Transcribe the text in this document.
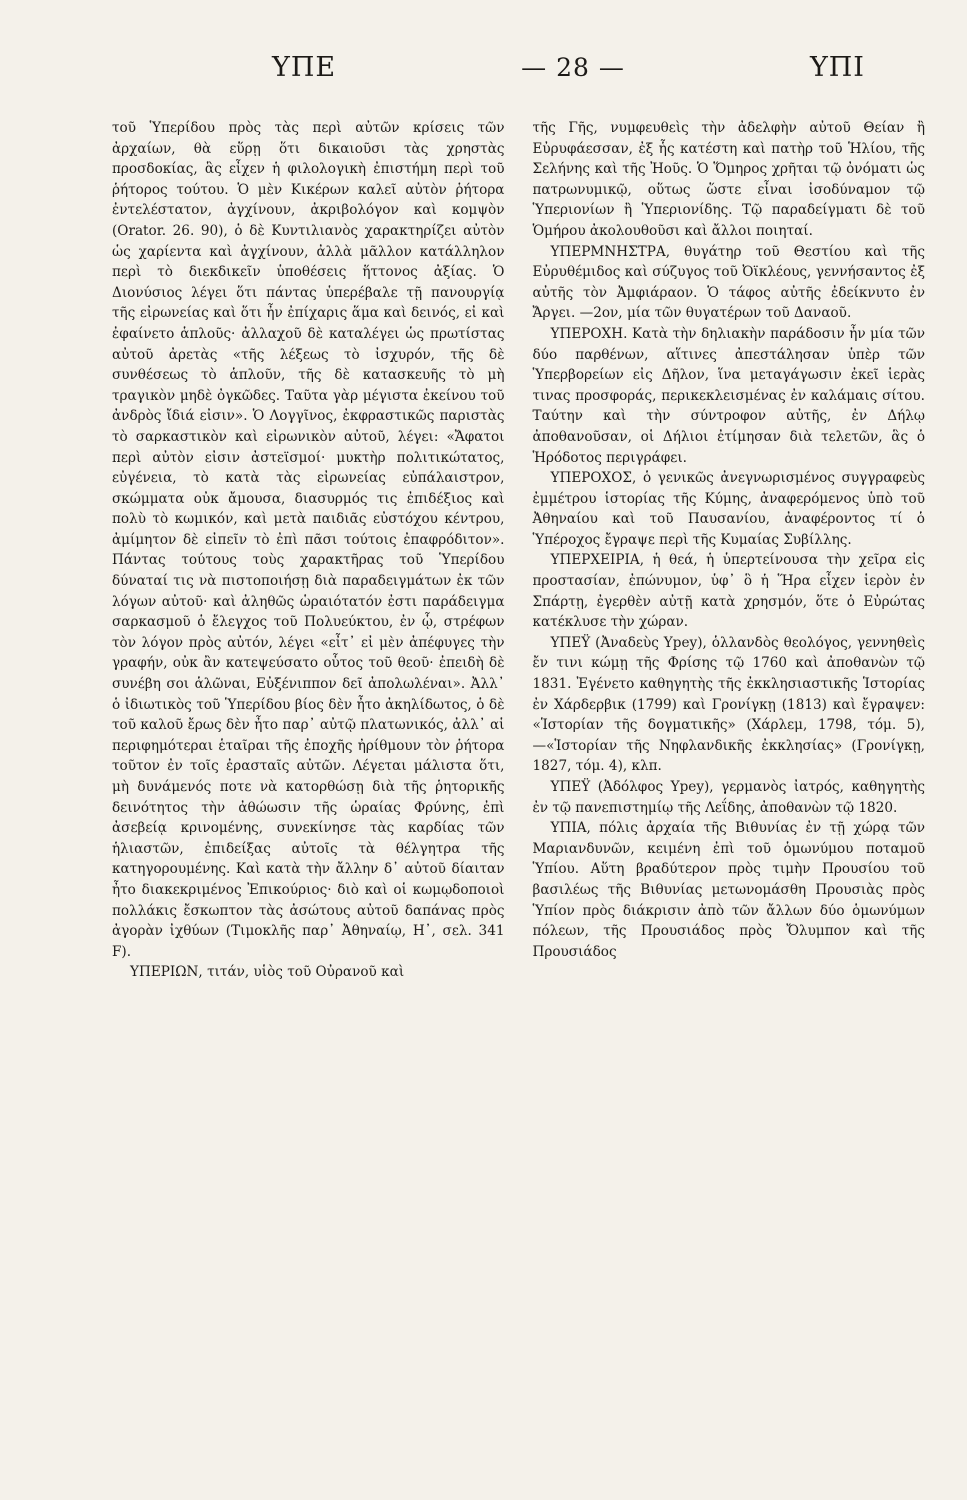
ΥΠΕ	— 28 —	ΥΠΙ

τοῦ Ὑπερίδου πρὸς τὰς περὶ αὐτῶν κρίσεις τῶν ἀρχαίων, θὰ εὕρῃ ὅτι δικαιοῦσι τὰς χρηστὰς προσδοκίας, ἃς εἶχεν ἡ φιλολογικὴ ἐπιστήμη περὶ τοῦ ῥήτορος τούτου. Ὁ μὲν Κικέρων καλεῖ αὐτὸν ῥήτορα ἐντελέστατον, ἀγχίνουν, ἀκριβολόγον καὶ κομψὸν (Orator. 26. 90), ὁ δὲ Κυντιλιανὸς χαρακτηρίζει αὐτὸν ὡς χαρίεντα καὶ ἀγχίνουν, ἀλλὰ μᾶλλον κατάλληλον περὶ τὸ διεκδικεῖν ὑποθέσεις ἥττονος ἀξίας. Ὁ Διονύσιος λέγει ὅτι πάντας ὑπερέβαλε τῇ πανουργίᾳ τῆς εἰρωνείας καὶ ὅτι ἦν ἐπίχαρις ἅμα καὶ δεινός, εἰ καὶ ἐφαίνετο ἁπλοῦς· ἀλλαχοῦ δὲ καταλέγει ὡς πρωτίστας αὐτοῦ ἀρετὰς «τῆς λέξεως τὸ ἰσχυρόν, τῆς δὲ συνθέσεως τὸ ἁπλοῦν, τῆς δὲ κατασκευῆς τὸ μὴ τραγικὸν μηδὲ ὀγκῶδες. Ταῦτα γὰρ μέγιστα ἐκείνου τοῦ ἀνδρὸς ἴδιά εἰσιν». Ὁ Λογγῖνος, ἐκφραστικῶς παριστὰς τὸ σαρκαστικὸν καὶ εἰρωνικὸν αὐτοῦ, λέγει: «Ἄφατοι περὶ αὐτὸν εἰσιν ἀστεϊσμοί· μυκτὴρ πολιτικώτατος, εὐγένεια, τὸ κατὰ τὰς εἰρωνείας εὐπάλαιστρον, σκώμματα οὐκ ἄμουσα, διασυρμός τις ἐπιδέξιος καὶ πολὺ τὸ κωμικόν, καὶ μετὰ παιδιᾶς εὐστόχου κέντρου, ἀμίμητον δὲ εἰπεῖν τὸ ἐπὶ πᾶσι τούτοις ἐπαφρόδιτον». Πάντας τούτους τοὺς χαρακτῆρας τοῦ Ὑπερίδου δύναταί τις νὰ πιστοποιήσῃ διὰ παραδειγμάτων ἐκ τῶν λόγων αὐτοῦ· καὶ ἀληθῶς ὡραιότατόν ἐστι παράδειγμα σαρκασμοῦ ὁ ἔλεγχος τοῦ Πολυεύκτου, ἐν ᾧ, στρέφων τὸν λόγον πρὸς αὐτόν, λέγει «εἶτ᾽ εἰ μὲν ἀπέφυγες τὴν γραφήν, οὐκ ἂν κατεψεύσατο οὗτος τοῦ θεοῦ· ἐπειδὴ δὲ συνέβη σοι ἁλῶναι, Εὐξένιππον δεῖ ἀπολωλέναι». Ἀλλ᾽ ὁ ἰδιωτικὸς τοῦ Ὑπερίδου βίος δὲν ἦτο ἀκηλίδωτος, ὁ δὲ τοῦ καλοῦ ἔρως δὲν ἦτο παρ᾽ αὐτῷ πλατωνικός, ἀλλ᾽ αἱ περιφημότεραι ἑταῖραι τῆς ἐποχῆς ἠρίθμουν τὸν ῥήτορα τοῦτον ἐν τοῖς ἐρασταῖς αὐτῶν. Λέγεται μάλιστα ὅτι, μὴ δυνάμενός ποτε νὰ κατορθώσῃ διὰ τῆς ῥητορικῆς δεινότητος τὴν ἀθώωσιν τῆς ὡραίας Φρύνης, ἐπὶ ἀσεβείᾳ κρινομένης, συνεκίνησε τὰς καρδίας τῶν ἡλιαστῶν, ἐπιδείξας αὐτοῖς τὰ θέλγητρα τῆς κατηγορουμένης. Καὶ κατὰ τὴν ἄλλην δ᾽ αὐτοῦ δίαιταν ἦτο διακεκριμένος Ἐπικούριος· διὸ καὶ οἱ κωμῳδοποιοὶ πολλάκις ἔσκωπτον τὰς ἀσώτους αὐτοῦ δαπάνας πρὸς ἀγορὰν ἰχθύων (Τιμοκλῆς παρ᾽ Ἀθηναίῳ, Η᾽, σελ. 341 F).

ΥΠΕΡΙΩΝ, τιτάν, υἱὸς τοῦ Οὐρανοῦ καὶ

τῆς Γῆς, νυμφευθεὶς τὴν ἀδελφὴν αὐτοῦ Θείαν ἢ Εὐρυφάεσσαν, ἐξ ἧς κατέστη καὶ πατὴρ τοῦ Ἡλίου, τῆς Σελήνης καὶ τῆς Ἠοῦς. Ὁ Ὅμηρος χρῆται τῷ ὀνόματι ὡς πατρωνυμικῷ, οὕτως ὥστε εἶναι ἰσοδύναμον τῷ Ὑπεριονίων ἢ Ὑπεριονίδης. Τῷ παραδείγματι δὲ τοῦ Ὁμήρου ἀκολουθοῦσι καὶ ἄλλοι ποιηταί.

ΥΠΕΡΜΝΗΣΤΡΑ, θυγάτηρ τοῦ Θεστίου καὶ τῆς Εὐρυθέμιδος καὶ σύζυγος τοῦ Ὀϊκλέους, γεννήσαντος ἐξ αὐτῆς τὸν Ἀμφιάραον. Ὁ τάφος αὐτῆς ἐδείκνυτο ἐν Ἄργει. —2ον, μία τῶν θυγατέρων τοῦ Δαναοῦ.

ΥΠΕΡΟΧΗ. Κατὰ τὴν δηλιακὴν παράδοσιν ἦν μία τῶν δύο παρθένων, αἵτινες ἀπεστάλησαν ὑπὲρ τῶν Ὑπερβορείων εἰς Δῆλον, ἵνα μεταγάγωσιν ἐκεῖ ἱερὰς τινας προσφοράς, περικεκλεισμένας ἐν καλάμαις σίτου. Ταύτην καὶ τὴν σύντροφον αὐτῆς, ἐν Δήλῳ ἀποθανοῦσαν, οἱ Δήλιοι ἐτίμησαν διὰ τελετῶν, ἃς ὁ Ἡρόδοτος περιγράφει.

ΥΠΕΡΟΧΟΣ, ὁ γενικῶς ἀνεγνωρισμένος συγγραφεὺς ἐμμέτρου ἱστορίας τῆς Κύμης, ἀναφερόμενος ὑπὸ τοῦ Ἀθηναίου καὶ τοῦ Παυσανίου, ἀναφέροντος τί ὁ Ὑπέροχος ἔγραψε περὶ τῆς Κυμαίας Συβίλλης.

ΥΠΕΡΧΕΙΡΙΑ, ἡ θεά, ἡ ὑπερτείνουσα τὴν χεῖρα εἰς προστασίαν, ἐπώνυμον, ὑφ᾽ ὃ ἡ Ἥρα εἶχεν ἱερὸν ἐν Σπάρτῃ, ἐγερθὲν αὐτῇ κατὰ χρησμόν, ὅτε ὁ Εὐρώτας κατέκλυσε τὴν χώραν.

ΥΠΕΫ (Ἀναδεὺς Ypey), ὁλλανδὸς θεολόγος, γεννηθεὶς ἔν τινι κώμῃ τῆς Φρίσης τῷ 1760 καὶ ἀποθανὼν τῷ 1831. Ἐγένετο καθηγητὴς τῆς ἐκκλησιαστικῆς Ἱστορίας ἐν Χάρδερβικ (1799) καὶ Γρονίγκῃ (1813) καὶ ἔγραψεν: «Ἱστορίαν τῆς δογματικῆς» (Χάρλεμ, 1798, τόμ. 5), —«Ἱστορίαν τῆς Νηφλανδικῆς ἐκκλησίας» (Γρονίγκῃ, 1827, τόμ. 4), κλπ.

ΥΠΕΫ (Ἀδόλφος Ypey), γερμανὸς ἰατρός, καθηγητὴς ἐν τῷ πανεπιστημίῳ τῆς Λεΐδης, ἀποθανὼν τῷ 1820.

ΥΠΙΑ, πόλις ἀρχαία τῆς Βιθυνίας ἐν τῇ χώρᾳ τῶν Μαριανδυνῶν, κειμένη ἐπὶ τοῦ ὁμωνύμου ποταμοῦ Ὑπίου. Αὕτη βραδύτερον πρὸς τιμὴν Προυσίου τοῦ βασιλέως τῆς Βιθυνίας μετωνομάσθη Προυσιὰς πρὸς Ὑπίον πρὸς διάκρισιν ἀπὸ τῶν ἄλλων δύο ὁμωνύμων πόλεων, τῆς Προυσιάδος πρὸς Ὄλυμπον καὶ τῆς Προυσιάδος
